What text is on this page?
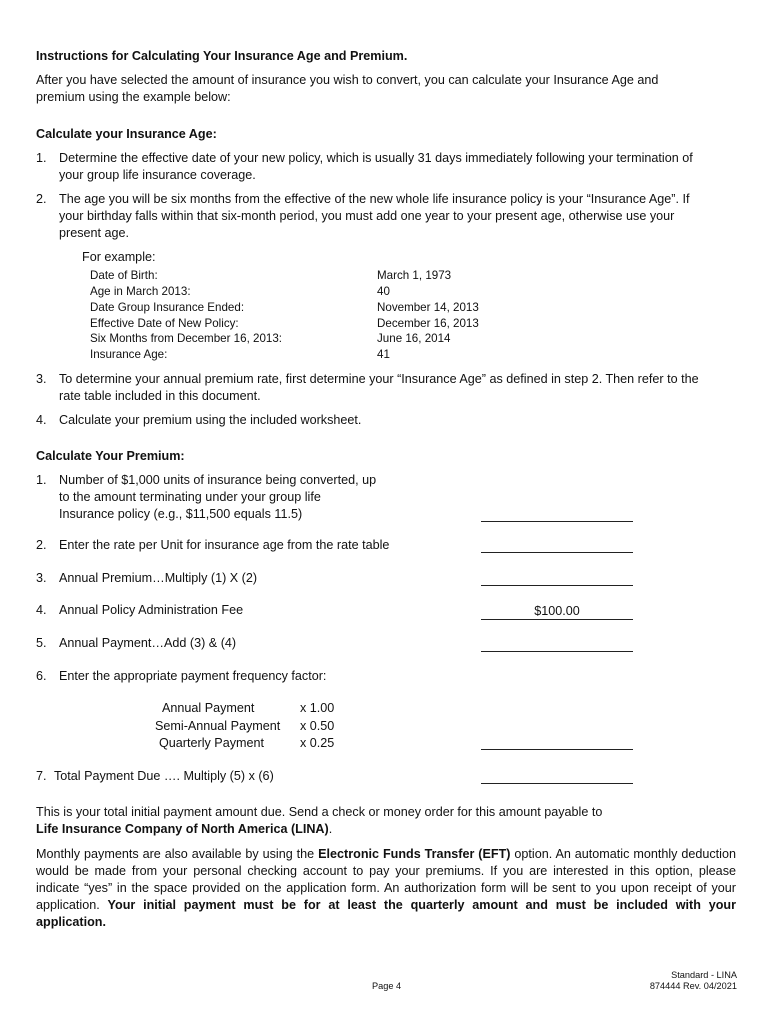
Instructions for Calculating Your Insurance Age and Premium.
After you have selected the amount of insurance you wish to convert, you can calculate your Insurance Age and
premium using the example below:
Calculate your Insurance Age:
1. Determine the effective date of your new policy, which is usually 31 days immediately following your termination of
your group life insurance coverage.
2. The age you will be six months from the effective of the new whole life insurance policy is your “Insurance Age”. If
your birthday falls within that six-month period, you must add one year to your present age, otherwise use your
present age.
For example:
Date of Birth:	March 1, 1973
Age in March 2013:	40
Date Group Insurance Ended:	November 14, 2013
Effective Date of New Policy:	December 16, 2013
Six Months from December 16, 2013:	June 16, 2014
Insurance Age:	41
3. To determine your annual premium rate, first determine your “Insurance Age” as defined in step 2. Then refer to the
rate table included in this document.
4. Calculate your premium using the included worksheet.
Calculate Your Premium:
1. Number of $1,000 units of insurance being converted, up
to the amount terminating under your group life
Insurance policy (e.g., $11,500 equals 11.5)
2. Enter the rate per Unit for insurance age from the rate table
3. Annual Premium…Multiply (1) X (2)
4. Annual Policy Administration Fee	$100.00
5. Annual Payment…Add (3) & (4)
6. Enter the appropriate payment frequency factor:
Annual Payment	x 1.00
Semi-Annual Payment x 0.50
Quarterly Payment	x 0.25
7. Total Payment Due …. Multiply (5) x (6)
This is your total initial payment amount due. Send a check or money order for this amount payable to
Life Insurance Company of North America (LINA).
Monthly payments are also available by using the Electronic Funds Transfer (EFT) option. An automatic monthly deduction would be made from your personal checking account to pay your premiums. If you are interested in this option, please indicate “yes” in the space provided on the application form. An authorization form will be sent to you upon receipt of your application. Your initial payment must be for at least the quarterly amount and must be included with your application.
Page 4
Standard - LINA
874444 Rev. 04/2021
